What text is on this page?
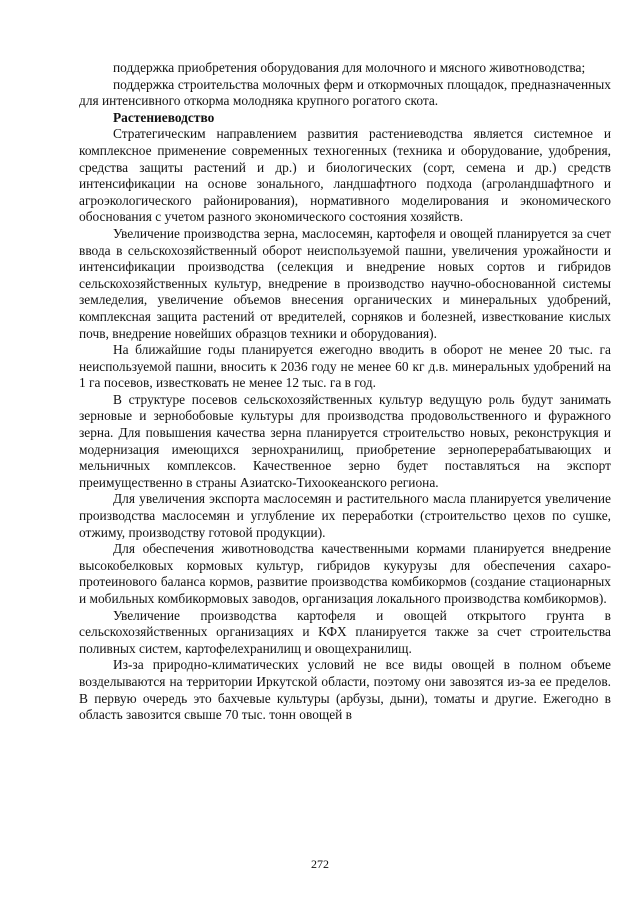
поддержка приобретения оборудования для молочного и мясного животноводства;

поддержка строительства молочных ферм и откормочных площадок, предназначенных для интенсивного откорма молодняка крупного рогатого скота.

Растениеводство

Стратегическим направлением развития растениеводства является системное и комплексное применение современных техногенных (техника и оборудование, удобрения, средства защиты растений и др.) и биологических (сорт, семена и др.) средств интенсификации на основе зонального, ландшафтного подхода (агроландшафтного и агроэкологического районирования), нормативного моделирования и экономического обоснования с учетом разного экономического состояния хозяйств.

Увеличение производства зерна, маслосемян, картофеля и овощей планируется за счет ввода в сельскохозяйственный оборот неиспользуемой пашни, увеличения урожайности и интенсификации производства (селекция и внедрение новых сортов и гибридов сельскохозяйственных культур, внедрение в производство научно-обоснованной системы земледелия, увеличение объемов внесения органических и минеральных удобрений, комплексная защита растений от вредителей, сорняков и болезней, известкование кислых почв, внедрение новейших образцов техники и оборудования).

На ближайшие годы планируется ежегодно вводить в оборот не менее 20 тыс. га неиспользуемой пашни, вносить к 2036 году не менее 60 кг д.в. минеральных удобрений на 1 га посевов, известковать не менее 12 тыс. га в год.

В структуре посевов сельскохозяйственных культур ведущую роль будут занимать зерновые и зернобобовые культуры для производства продовольственного и фуражного зерна. Для повышения качества зерна планируется строительство новых, реконструкция и модернизация имеющихся зернохранилищ, приобретение зерноперерабатывающих и мельничных комплексов. Качественное зерно будет поставляться на экспорт преимущественно в страны Азиатско-Тихоокеанского региона.

Для увеличения экспорта маслосемян и растительного масла планируется увеличение производства маслосемян и углубление их переработки (строительство цехов по сушке, отжиму, производству готовой продукции).

Для обеспечения животноводства качественными кормами планируется внедрение высокобелковых кормовых культур, гибридов кукурузы для обеспечения сахаро-протеинового баланса кормов, развитие производства комбикормов (создание стационарных и мобильных комбикормовых заводов, организация локального производства комбикормов).

Увеличение производства картофеля и овощей открытого грунта в сельскохозяйственных организациях и КФХ планируется также за счет строительства поливных систем, картофелехранилищ и овощехранилищ.

Из-за природно-климатических условий не все виды овощей в полном объеме возделываются на территории Иркутской области, поэтому они завозятся из-за ее пределов. В первую очередь это бахчевые культуры (арбузы, дыни), томаты и другие. Ежегодно в область завозится свыше 70 тыс. тонн овощей в

272
